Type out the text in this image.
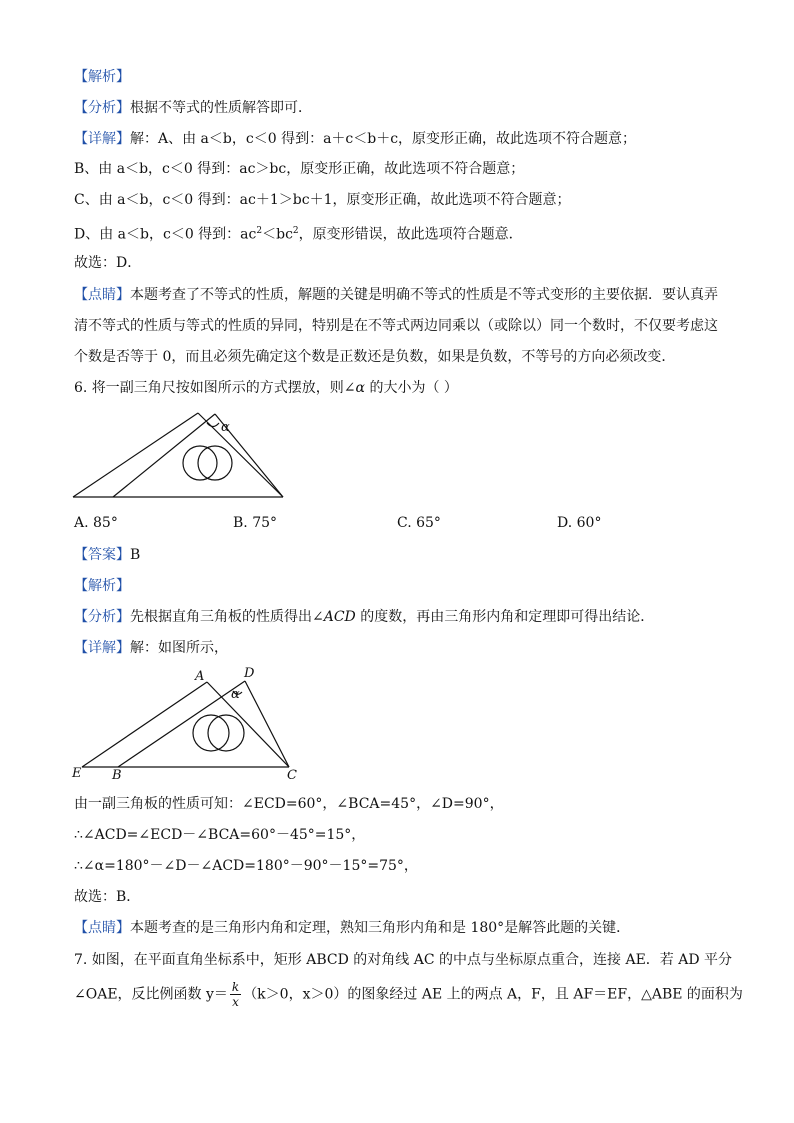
【解析】
【分析】根据不等式的性质解答即可．
【详解】解：A、由 a＜b，c＜0 得到：a＋c＜b＋c，原变形正确，故此选项不符合题意；
B、由 a＜b，c＜0 得到：ac＞bc，原变形正确，故此选项不符合题意；
C、由 a＜b，c＜0 得到：ac＋1＞bc＋1，原变形正确，故此选项不符合题意；
D、由 a＜b，c＜0 得到：$ac^2<bc^2$，原变形错误，故此选项符合题意．
故选：D．
【点睛】本题考查了不等式的性质，解题的关键是明确不等式的性质是不等式变形的主要依据．要认真弄
清不等式的性质与等式的性质的异同，特别是在不等式两边同乘以（或除以）同一个数时，不仅要考虑这
个数是否等于 0，而且必须先确定这个数是正数还是负数，如果是负数，不等号的方向必须改变．
6. 将一副三角尺按如图所示的方式摆放，则∠α 的大小为（ ）
α
A. 85°	B. 75°	C. 65°	D. 60°
【答案】B
【解析】
【分析】先根据直角三角板的性质得出∠ACD 的度数，再由三角形内角和定理即可得出结论．
【详解】解：如图所示，
A	D
E B	C
α
由一副三角板的性质可知：∠ECD=60°，∠BCA=45°，∠D=90°，
∴∠ACD=∠ECD－∠BCA=60°－45°=15°，
∴∠α=180°－∠D－∠ACD=180°－90°－15°=75°，
故选：B．
【点睛】本题考查的是三角形内角和定理，熟知三角形内角和是 180°是解答此题的关键．
7. 如图，在平面直角坐标系中，矩形 ABCD 的对角线 AC 的中点与坐标原点重合，连接 AE．若 AD 平分
∠OAE，反比例函数 $y= \frac{k}{x} (k>0$，x＞0）的图象经过 AE 上的两点 A，F，且 AF＝EF，△ABE 的面积为
